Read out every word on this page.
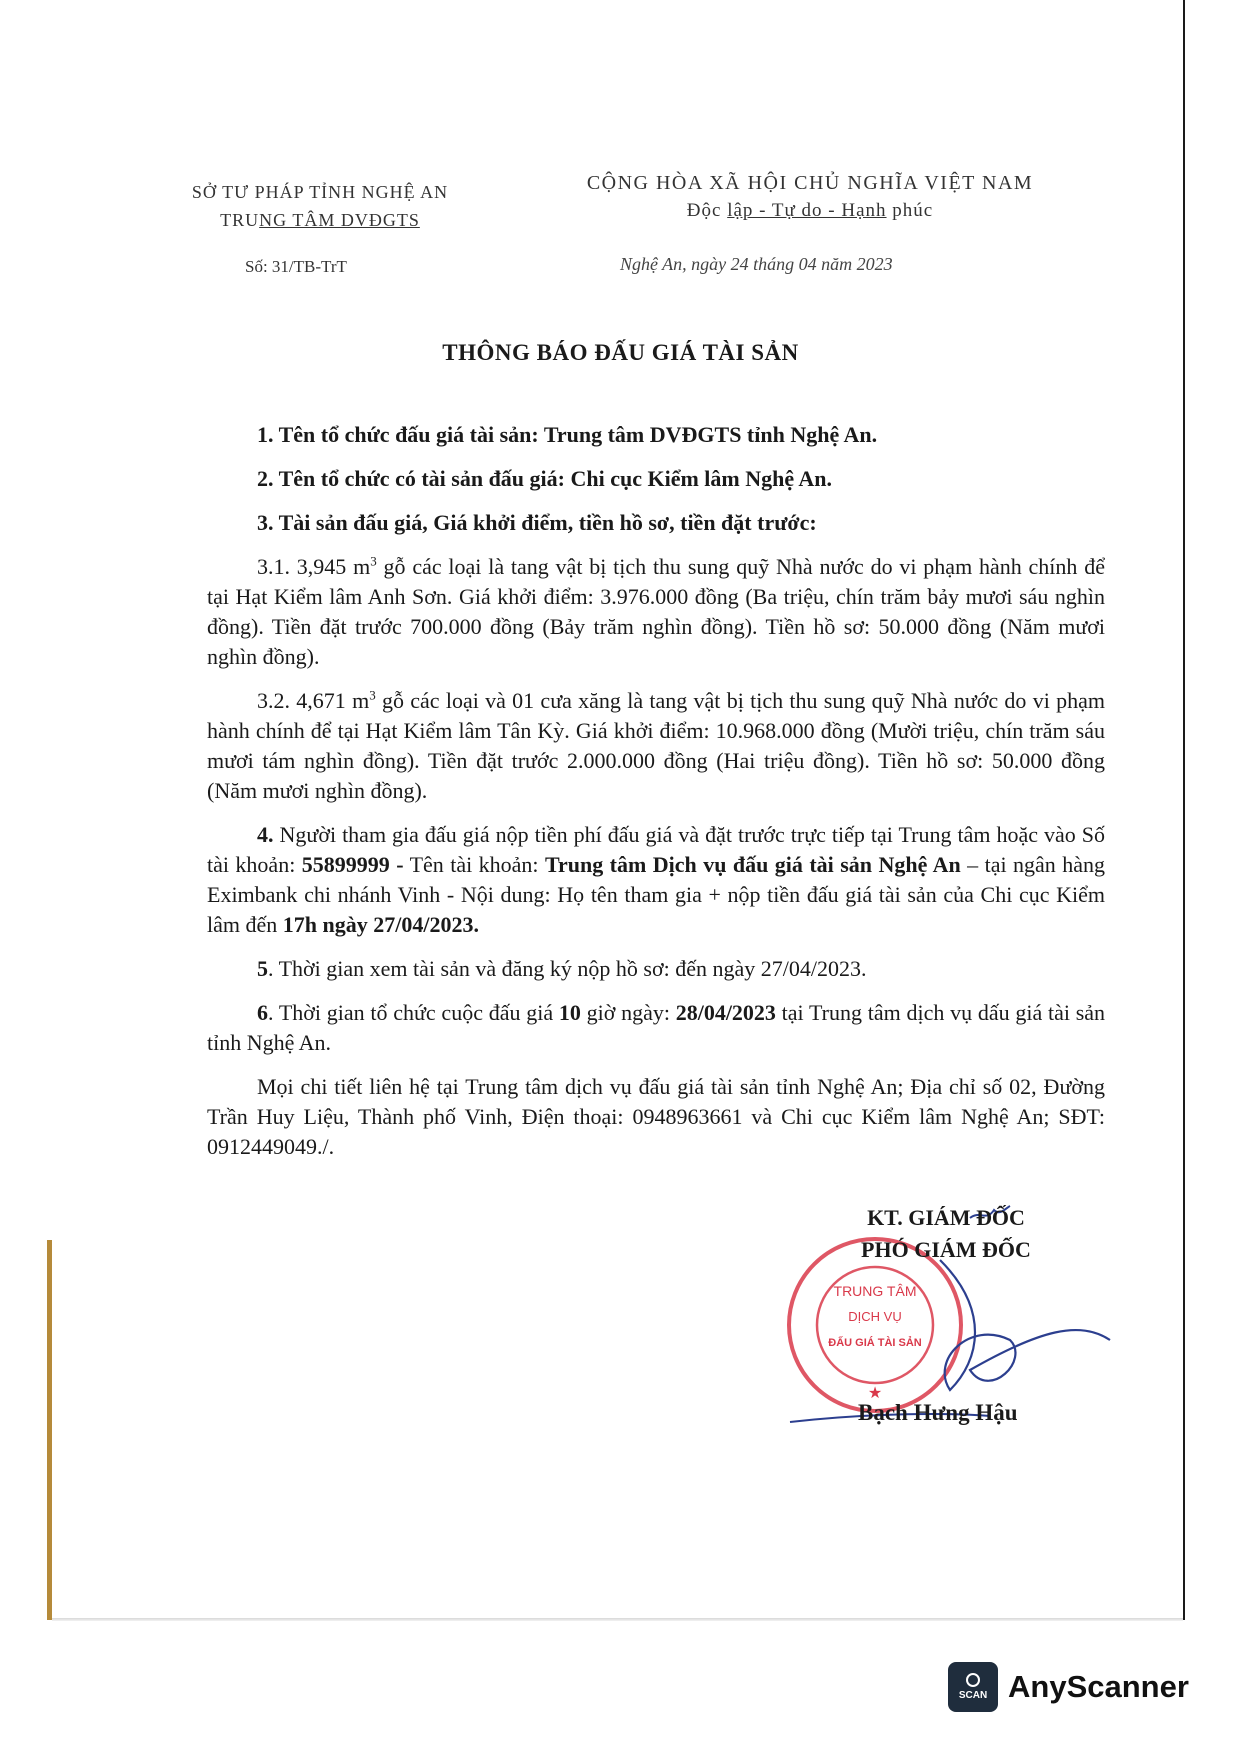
SỞ TƯ PHÁP TỈNH NGHỆ AN
TRUNG TÂM DVĐGTS
Số: 31/TB-TrT
CỘNG HÒA XÃ HỘI CHỦ NGHĨA VIỆT NAM
Độc lập - Tự do - Hạnh phúc
Nghệ An, ngày 24 tháng 04 năm 2023
THÔNG BÁO ĐẤU GIÁ TÀI SẢN

1. Tên tổ chức đấu giá tài sản: Trung tâm DVĐGTS tỉnh Nghệ An.

2. Tên tổ chức có tài sản đấu giá: Chi cục Kiểm lâm Nghệ An.

3. Tài sản đấu giá, Giá khởi điểm, tiền hồ sơ, tiền đặt trước:

3.1. 3,945 $m^3$ gỗ các loại là tang vật bị tịch thu sung quỹ Nhà nước do vi phạm hành chính để tại Hạt Kiểm lâm Anh Sơn. Giá khởi điểm: 3.976.000 đồng (Ba triệu, chín trăm bảy mươi sáu nghìn đồng). Tiền đặt trước 700.000 đồng (Bảy trăm nghìn đồng). Tiền hồ sơ: 50.000 đồng (Năm mươi nghìn đồng).

3.2. 4,671 $m^3$ gỗ các loại và 01 cưa xăng là tang vật bị tịch thu sung quỹ Nhà nước do vi phạm hành chính để tại Hạt Kiểm lâm Tân Kỳ. Giá khởi điểm: 10.968.000 đồng (Mười triệu, chín trăm sáu mươi tám nghìn đồng). Tiền đặt trước 2.000.000 đồng (Hai triệu đồng). Tiền hồ sơ: 50.000 đồng (Năm mươi nghìn đồng).

4. Người tham gia đấu giá nộp tiền phí đấu giá và đặt trước trực tiếp tại Trung tâm hoặc vào Số tài khoản: 55899999 - Tên tài khoản: Trung tâm Dịch vụ đấu giá tài sản Nghệ An – tại ngân hàng Eximbank chi nhánh Vinh - Nội dung: Họ tên tham gia + nộp tiền đấu giá tài sản của Chi cục Kiểm lâm đến 17h ngày 27/04/2023.

5. Thời gian xem tài sản và đăng ký nộp hồ sơ: đến ngày 27/04/2023.

6. Thời gian tổ chức cuộc đấu giá 10 giờ ngày: 28/04/2023 tại Trung tâm dịch vụ dấu giá tài sản tỉnh Nghệ An.

Mọi chi tiết liên hệ tại Trung tâm dịch vụ đấu giá tài sản tỉnh Nghệ An; Địa chỉ số 02, Đường Trần Huy Liệu, Thành phố Vinh, Điện thoại: 0948963661 và Chi cục Kiểm lâm Nghệ An; SĐT: 0912449049./.

TRUNG TÂM
DỊCH VỤ
ĐẤU GIÁ TÀI SẢN
★
KT. GIÁM ĐỐC
PHÓ GIÁM ĐỐC
Bạch Hưng Hậu
SCAN AnyScanner
